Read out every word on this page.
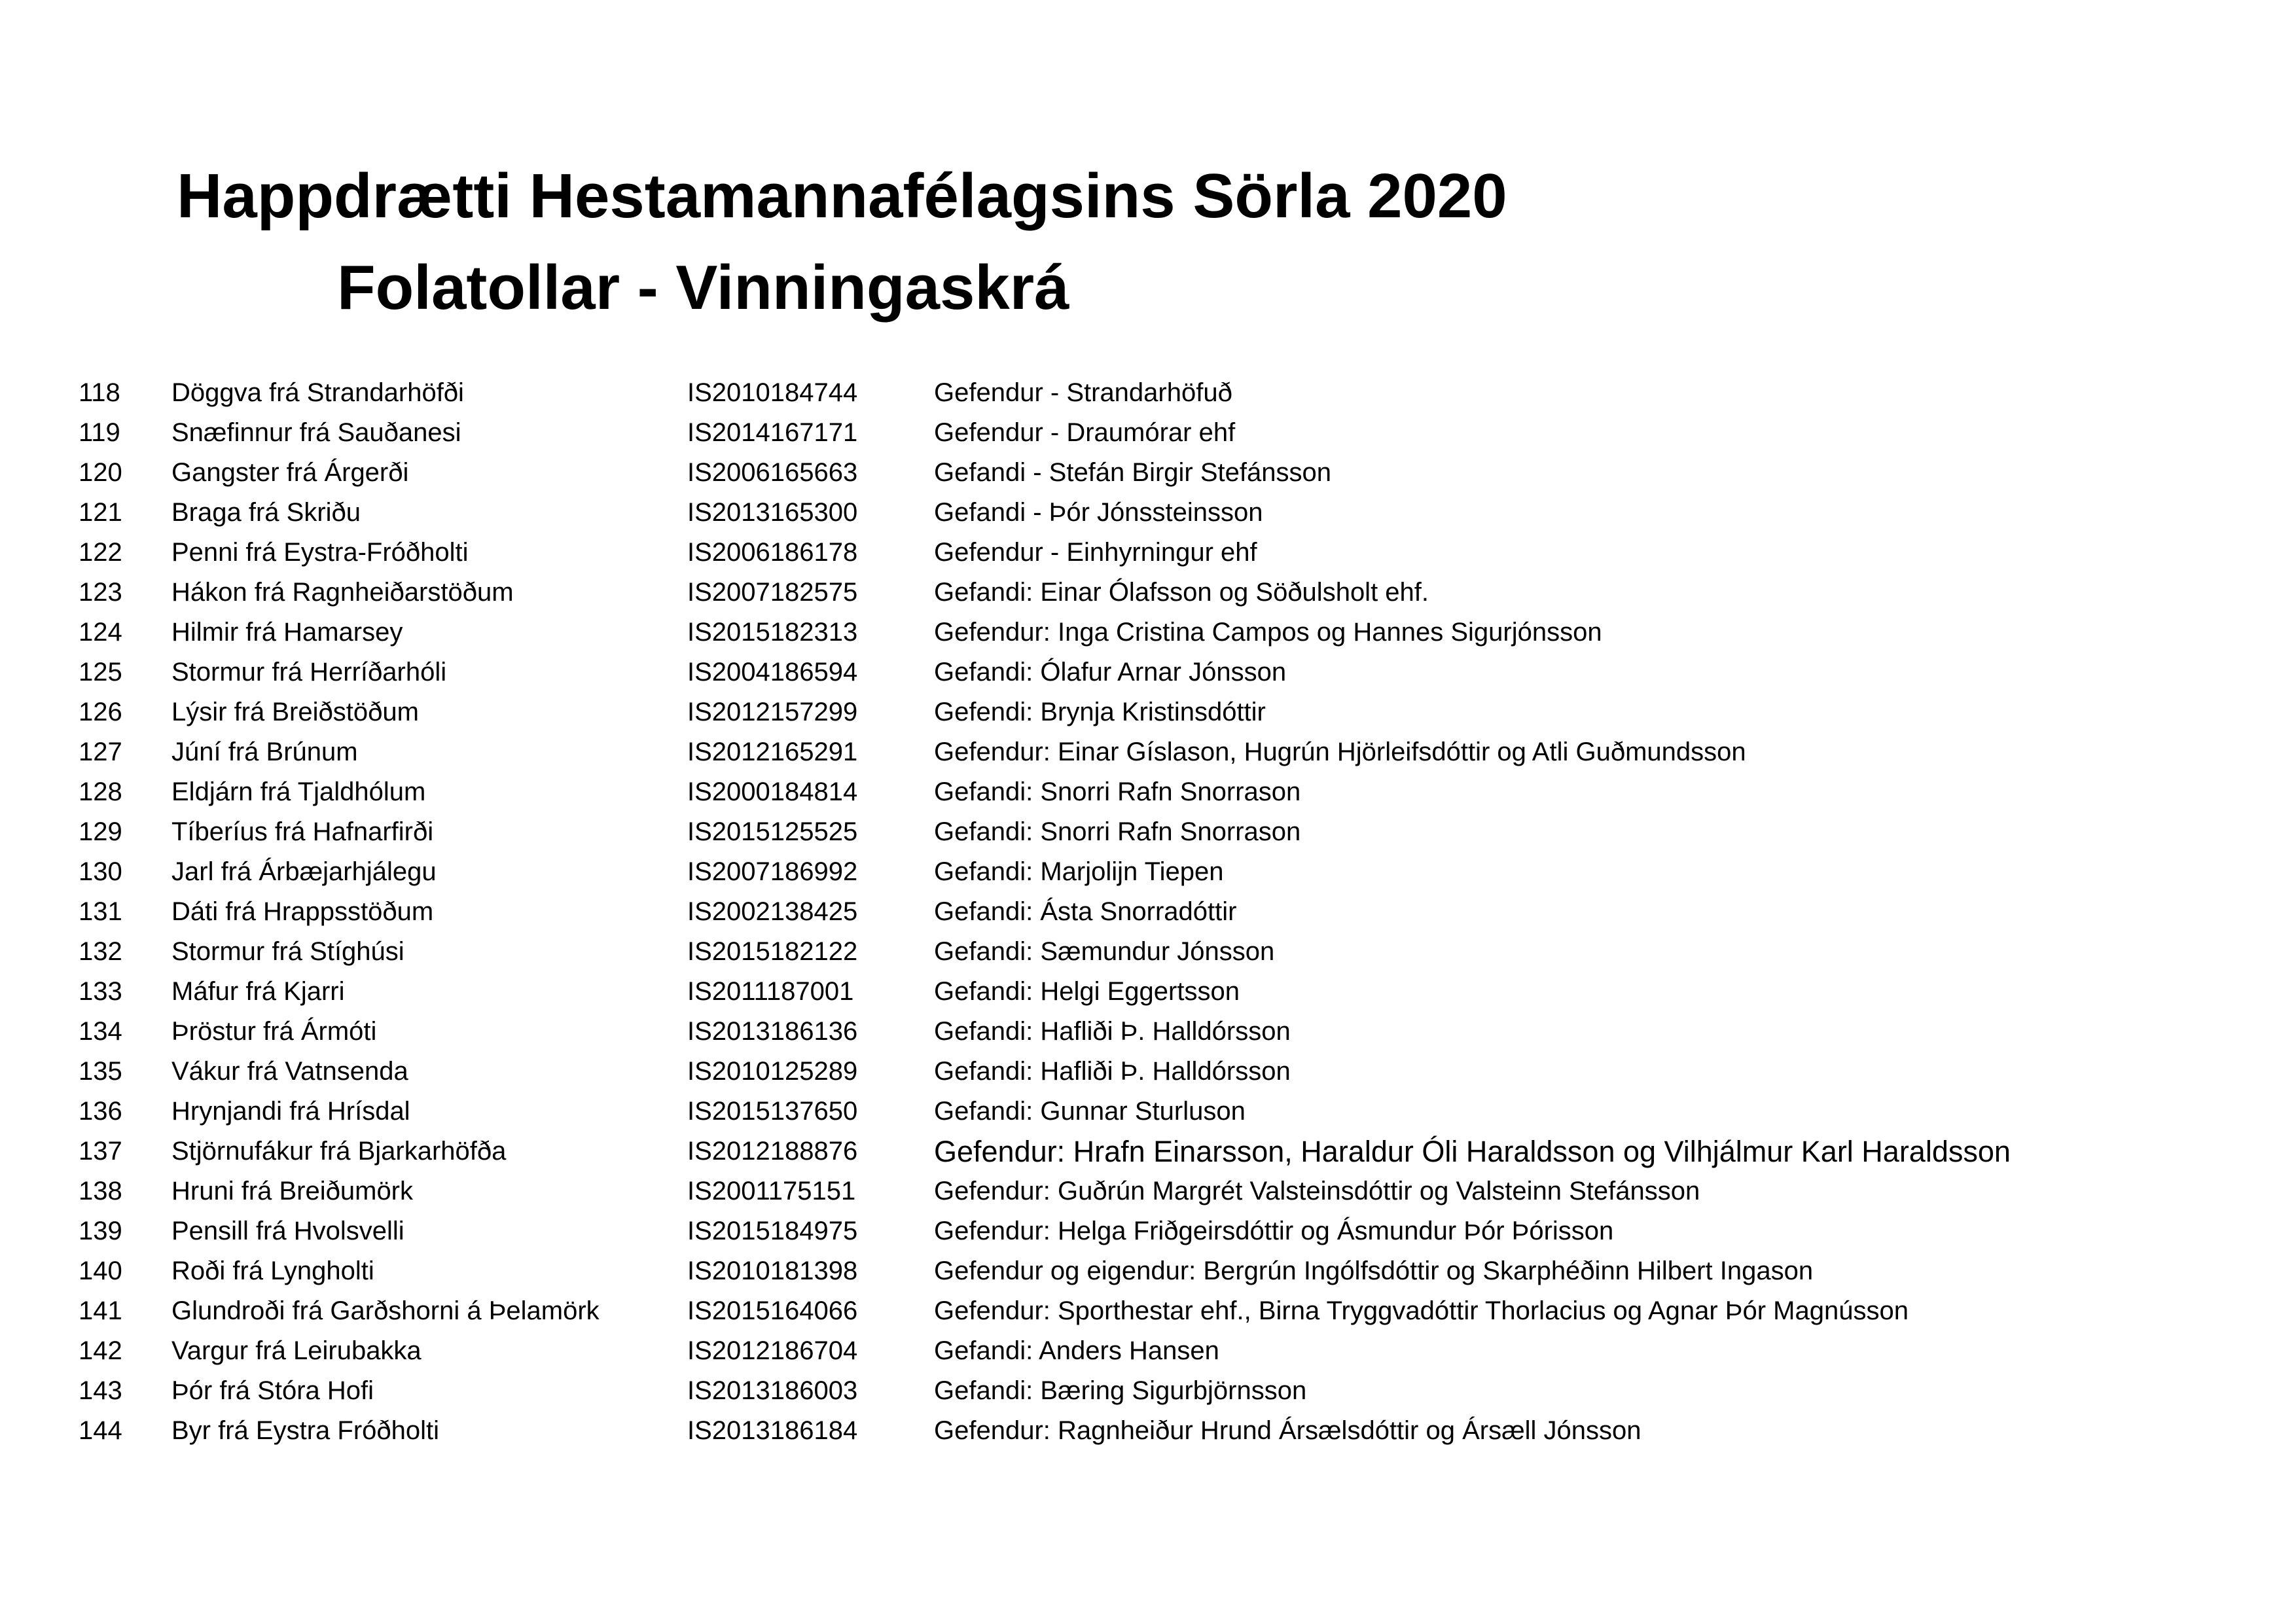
Happdrætti Hestamannafélagsins Sörla 2020
Folatollar - Vinningaskrá
118 Döggva frá Strandarhöfði	IS2010184744	Gefendur - Strandarhöfuð
119 Snæfinnur frá Sauðanesi	IS2014167171	Gefendur - Draumórar ehf
120 Gangster frá Árgerði	IS2006165663	Gefandi - Stefán Birgir Stefánsson
121 Braga frá Skriðu	IS2013165300	Gefandi - Þór Jónssteinsson
122 Penni frá Eystra-Fróðholti	IS2006186178	Gefendur - Einhyrningur ehf
123 Hákon frá Ragnheiðarstöðum	IS2007182575	Gefandi: Einar Ólafsson og Söðulsholt ehf.
124 Hilmir frá Hamarsey	IS2015182313	Gefendur: Inga Cristina Campos og Hannes Sigurjónsson
125 Stormur frá Herríðarhóli	IS2004186594	Gefandi: Ólafur Arnar Jónsson
126 Lýsir frá Breiðstöðum	IS2012157299	Gefendi: Brynja Kristinsdóttir
127 Júní frá Brúnum	IS2012165291	Gefendur: Einar Gíslason, Hugrún Hjörleifsdóttir og Atli Guðmundsson
128 Eldjárn frá Tjaldhólum	IS2000184814	Gefandi: Snorri Rafn Snorrason
129 Tíberíus frá Hafnarfirði	IS2015125525	Gefandi: Snorri Rafn Snorrason
130 Jarl frá Árbæjarhjálegu	IS2007186992	Gefandi: Marjolijn Tiepen
131 Dáti frá Hrappsstöðum	IS2002138425	Gefandi: Ásta Snorradóttir
132 Stormur frá Stíghúsi	IS2015182122	Gefandi: Sæmundur Jónsson
133 Máfur frá Kjarri	IS2011187001	Gefandi: Helgi Eggertsson
134 Þröstur frá Ármóti	IS2013186136	Gefandi: Hafliði Þ. Halldórsson
135 Vákur frá Vatnsenda	IS2010125289	Gefandi: Hafliði Þ. Halldórsson
136 Hrynjandi frá Hrísdal	IS2015137650	Gefandi: Gunnar Sturluson
137 Stjörnufákur frá Bjarkarhöfða	IS2012188876	Gefendur: Hrafn Einarsson, Haraldur Óli Haraldsson og Vilhjálmur Karl Haraldsson
138 Hruni frá Breiðumörk	IS2001175151	Gefendur: Guðrún Margrét Valsteinsdóttir og Valsteinn Stefánsson
139 Pensill frá Hvolsvelli	IS2015184975	Gefendur: Helga Friðgeirsdóttir og Ásmundur Þór Þórisson
140 Roði frá Lyngholti	IS2010181398	Gefendur og eigendur: Bergrún Ingólfsdóttir og Skarphéðinn Hilbert Ingason
141 Glundroði frá Garðshorni á Þelamörk	IS2015164066	Gefendur: Sporthestar ehf., Birna Tryggvadóttir Thorlacius og Agnar Þór Magnússon
142 Vargur frá Leirubakka	IS2012186704	Gefandi: Anders Hansen
143 Þór frá Stóra Hofi	IS2013186003	Gefandi: Bæring Sigurbjörnsson
144 Byr frá Eystra Fróðholti	IS2013186184	Gefendur: Ragnheiður Hrund Ársælsdóttir og Ársæll Jónsson
